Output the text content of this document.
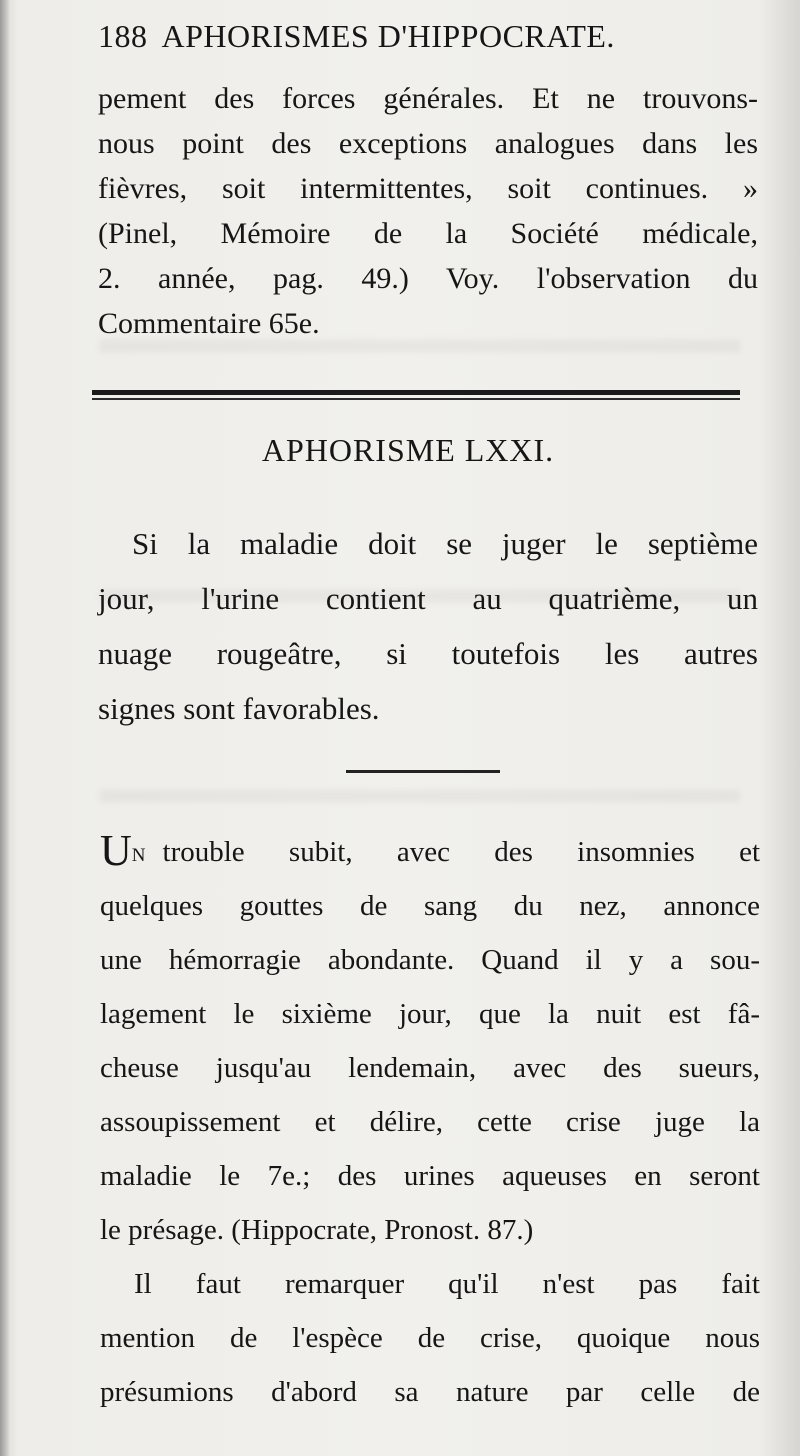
188 APHORISMES D'HIPPOCRATE.
pement des forces générales. Et ne trouvons-
nous point des exceptions analogues dans les
fièvres, soit intermittentes, soit continues. »
(Pinel, Mémoire de la Société médicale,
2. année, pag. 49.) Voy. l'observation du
Commentaire 65e.
APHORISME LXXI.
Si la maladie doit se juger le septième
jour, l'urine contient au quatrième, un
nuage rougeâtre, si toutefois les autres
signes sont favorables.
UN trouble subit, avec des insomnies et
quelques gouttes de sang du nez, annonce
une hémorragie abondante. Quand il y a sou-
lagement le sixième jour, que la nuit est fâ-
cheuse jusqu'au lendemain, avec des sueurs,
assoupissement et délire, cette crise juge la
maladie le 7e.; des urines aqueuses en seront
le présage. (Hippocrate, Pronost. 87.)
Il faut remarquer qu'il n'est pas fait
mention de l'espèce de crise, quoique nous
présumions d'abord sa nature par celle de
